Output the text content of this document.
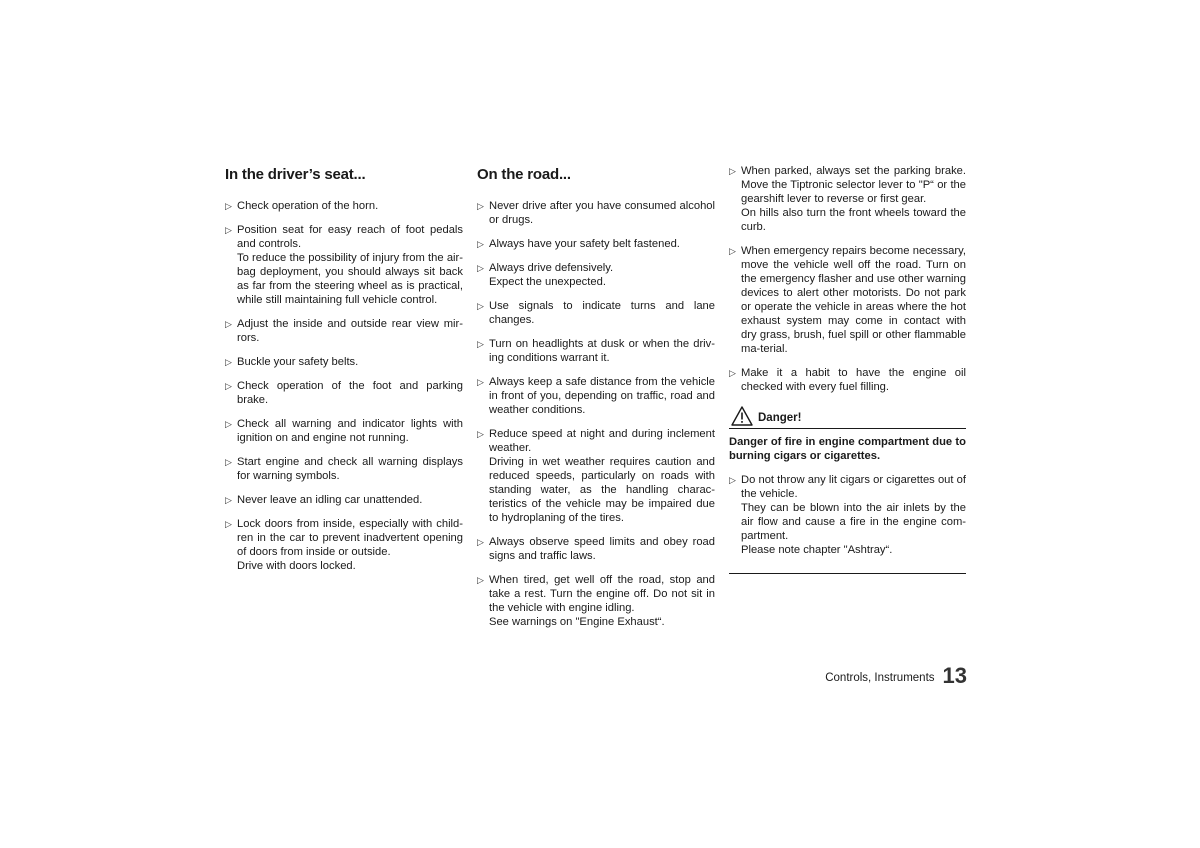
In the driver’s seat...
▷ Check operation of the horn.

▷ Position seat for easy reach of foot pedals and controls.

To reduce the possibility of injury from the air-bag deployment, you should always sit back as far from the steering wheel as is practical, while still maintaining full vehicle control.

▷ Adjust the inside and outside rear view mir-rors.

▷ Buckle your safety belts.

▷ Check operation of the foot and parking brake.

▷ Check all warning and indicator lights with ignition on and engine not running.

▷ Start engine and check all warning displays for warning symbols.

▷ Never leave an idling car unattended.

▷ Lock doors from inside, especially with child-ren in the car to prevent inadvertent opening of doors from inside or outside.

Drive with doors locked.

On the road...
▷ Never drive after you have consumed alcohol or drugs.

▷ Always have your safety belt fastened.

▷ Always drive defensively.

Expect the unexpected.

▷ Use signals to indicate turns and lane changes.

▷ Turn on headlights at dusk or when the driv-ing conditions warrant it.

▷ Always keep a safe distance from the vehicle in front of you, depending on traffic, road and weather conditions.

▷ Reduce speed at night and during inclement weather.

Driving in wet weather requires caution and reduced speeds, particularly on roads with standing water, as the handling charac-teristics of the vehicle may be impaired due to hydroplaning of the tires.

▷ Always observe speed limits and obey road signs and traffic laws.

▷ When tired, get well off the road, stop and take a rest. Turn the engine off. Do not sit in the vehicle with engine idling.

See warnings on "Engine Exhaust“.

▷ When parked, always set the parking brake. Move the Tiptronic selector lever to "P“ or the gearshift lever to reverse or first gear.

On hills also turn the front wheels toward the curb.

▷ When emergency repairs become necessary, move the vehicle well off the road. Turn on the emergency flasher and use other warning devices to alert other motorists. Do not park or operate the vehicle in areas where the hot exhaust system may come in contact with dry grass, brush, fuel spill or other flammable ma-terial.

▷ Make it a habit to have the engine oil checked with every fuel filling.

Danger!
Danger of fire in engine compartment due to burning cigars or cigarettes.
▷ Do not throw any lit cigars or cigarettes out of the vehicle.

They can be blown into the air inlets by the air flow and cause a fire in the engine com-partment.

Please note chapter "Ashtray“.

Controls, Instruments 13
